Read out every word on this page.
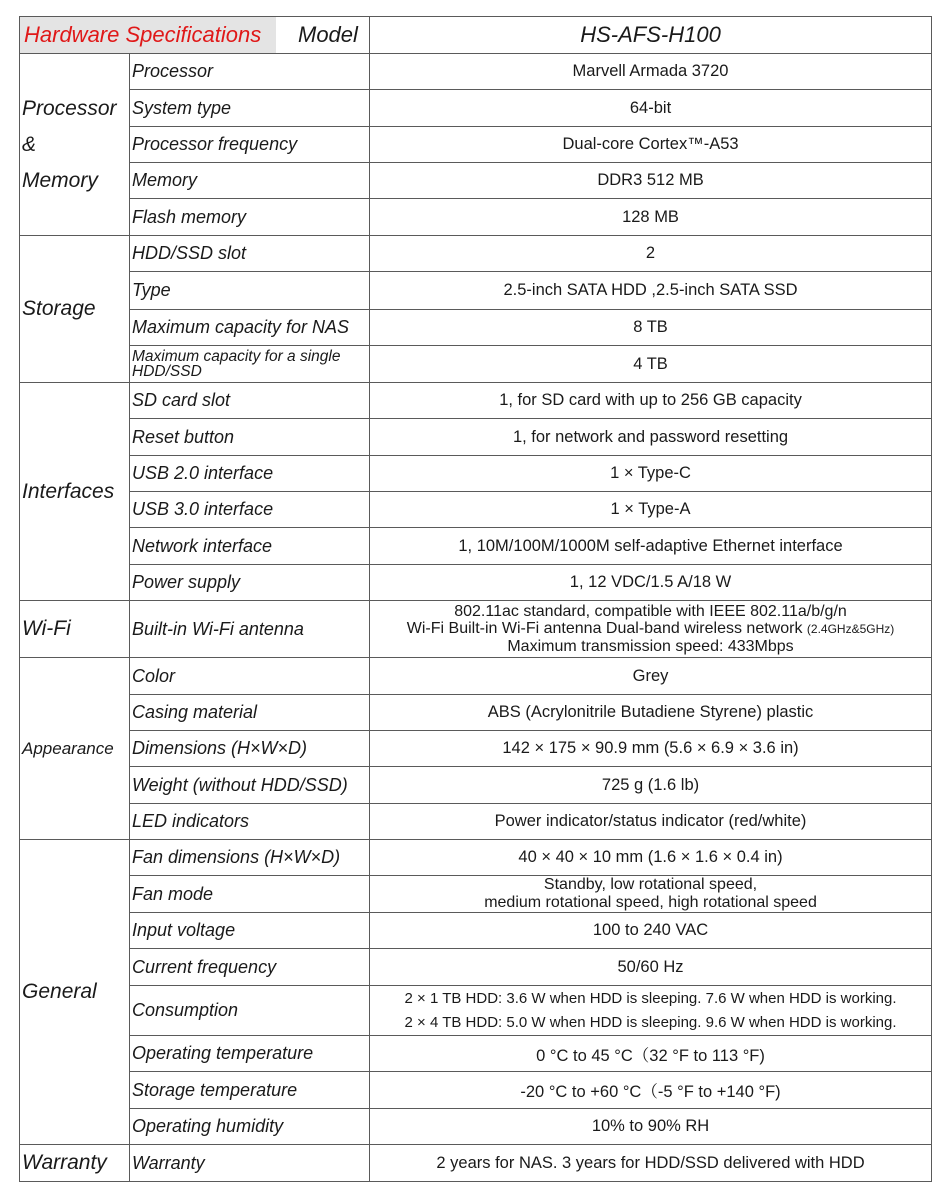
Hardware Specifications Model		HS-AFS-H100
Processor
&
Memory	Processor	Marvell Armada 3720
	System type	64-bit
	Processor frequency	Dual-core Cortex™-A53
	Memory	DDR3 512 MB
	Flash memory	128 MB
Storage	HDD/SSD slot	2
	Type	2.5-inch SATA HDD ,2.5-inch SATA SSD
	Maximum capacity for NAS	8 TB
	Maximum capacity for a single HDD/SSD	4 TB
Interfaces	SD card slot	1, for SD card with up to 256 GB capacity
	Reset button	1, for network and password resetting
	USB 2.0 interface	1 × Type-C
	USB 3.0 interface	1 × Type-A
	Network interface	1, 10M/100M/1000M self-adaptive Ethernet interface
	Power supply	1, 12 VDC/1.5 A/18 W
Wi-Fi	Built-in Wi-Fi antenna	802.11ac standard, compatible with IEEE 802.11a/b/g/n
Wi-Fi Built-in Wi-Fi antenna Dual-band wireless network (2.4GHz&5GHz)
Maximum transmission speed: 433Mbps
Appearance	Color	Grey
	Casing material	ABS (Acrylonitrile Butadiene Styrene) plastic
	Dimensions (H×W×D)	142 × 175 × 90.9 mm (5.6 × 6.9 × 3.6 in)
	Weight (without HDD/SSD)	725 g (1.6 lb)
	LED indicators	Power indicator/status indicator (red/white)
General	Fan dimensions (H×W×D)	40 × 40 × 10 mm (1.6 × 1.6 × 0.4 in)
	Fan mode	Standby, low rotational speed,
medium rotational speed, high rotational speed
	Input voltage	100 to 240 VAC
	Current frequency	50/60 Hz
	Consumption	2 × 1 TB HDD: 3.6 W when HDD is sleeping. 7.6 W when HDD is working.
2 × 4 TB HDD: 5.0 W when HDD is sleeping. 9.6 W when HDD is working.
	Operating temperature	0 °C to 45 °C（32 °F to 113 °F)
	Storage temperature	-20 °C to +60 °C（-5 °F to +140 °F)
	Operating humidity	10% to 90% RH
Warranty	Warranty	2 years for NAS. 3 years for HDD/SSD delivered with HDD
